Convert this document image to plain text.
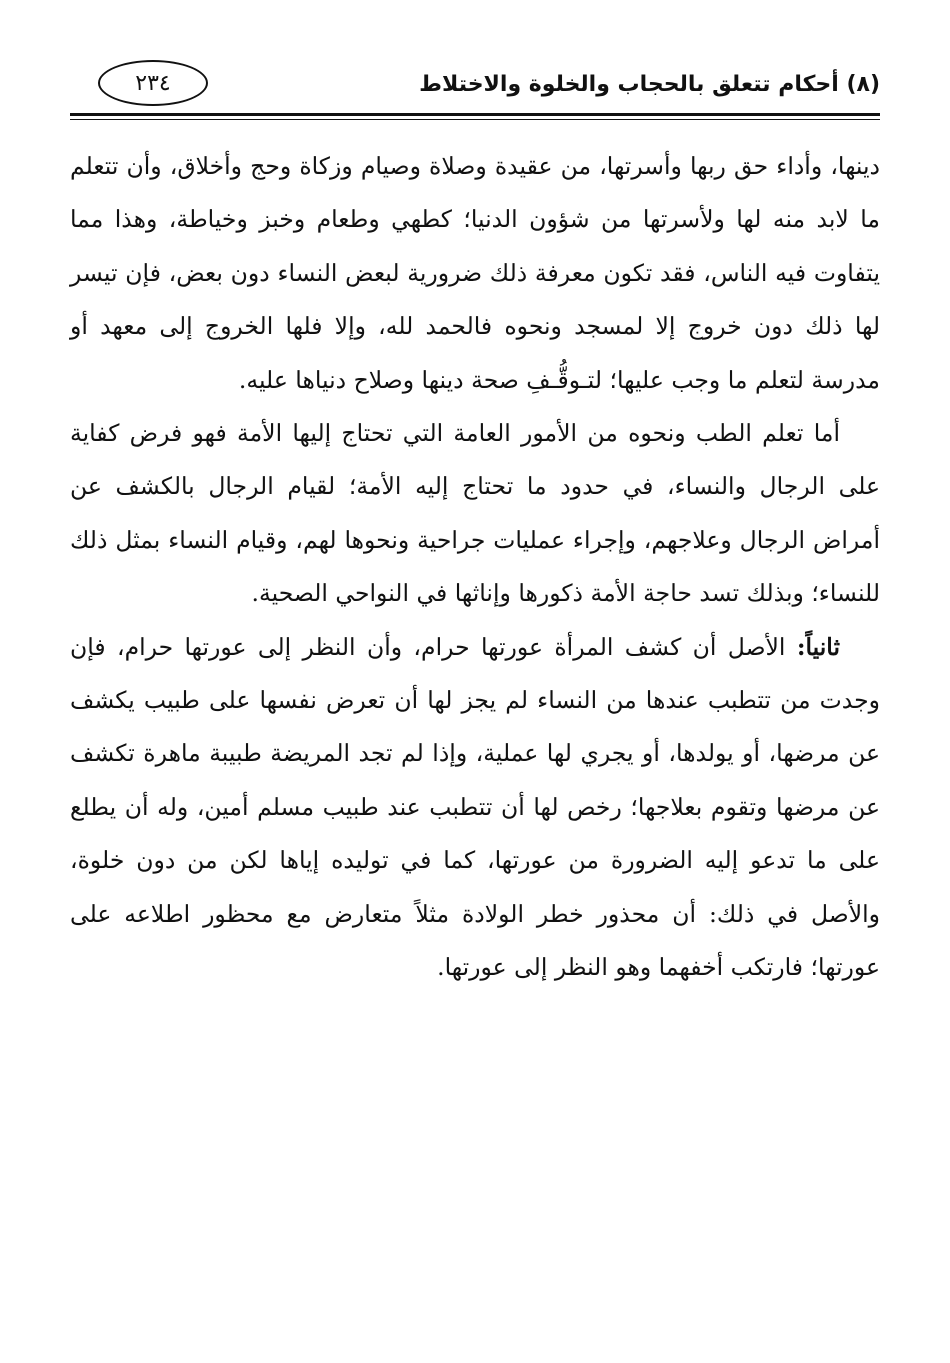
(٨) أحكام تتعلق بالحجاب والخلوة والاختلاط
٢٣٤

دينها، وأداء حق ربها وأسرتها، من عقيدة وصلاة وصيام وزكاة وحج وأخلاق، وأن تتعلم ما لابد منه لها ولأسرتها من شؤون الدنيا؛ كطهي وطعام وخبز وخياطة، وهذا مما يتفاوت فيه الناس، فقد تكون معرفة ذلك ضرورية لبعض النساء دون بعض، فإن تيسر لها ذلك دون خروج إلا لمسجد ونحوه فالحمد لله، وإلا فلها الخروج إلى معهد أو مدرسة لتعلم ما وجب عليها؛ لتـوقُّـفِ صحة دينها وصلاح دنياها عليه.

أما تعلم الطب ونحوه من الأمور العامة التي تحتاج إليها الأمة فهو فرض كفاية على الرجال والنساء، في حدود ما تحتاج إليه الأمة؛ لقيام الرجال بالكشف عن أمراض الرجال وعلاجهم، وإجراء عمليات جراحية ونحوها لهم، وقيام النساء بمثل ذلك للنساء؛ وبذلك تسد حاجة الأمة ذكورها وإناثها في النواحي الصحية.

ثانياً: الأصل أن كشف المرأة عورتها حرام، وأن النظر إلى عورتها حرام، فإن وجدت من تتطبب عندها من النساء لم يجز لها أن تعرض نفسها على طبيب يكشف عن مرضها، أو يولدها، أو يجري لها عملية، وإذا لم تجد المريضة طبيبة ماهرة تكشف عن مرضها وتقوم بعلاجها؛ رخص لها أن تتطبب عند طبيب مسلم أمين، وله أن يطلع على ما تدعو إليه الضرورة من عورتها، كما في توليده إياها لكن من دون خلوة، والأصل في ذلك: أن محذور خطر الولادة مثلاً متعارض مع محظور اطلاعه على عورتها؛ فارتكب أخفهما وهو النظر إلى عورتها.
